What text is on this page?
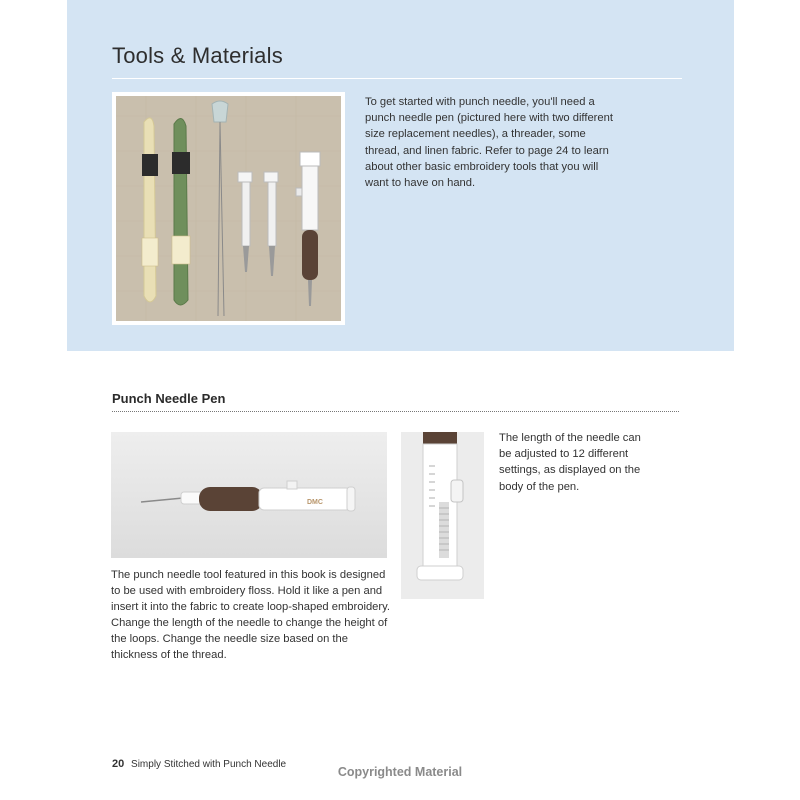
Tools & Materials
To get started with punch needle, you'll need a punch needle pen (pictured here with two different size replacement needles), a threader, some thread, and linen fabric. Refer to page 24 to learn about other basic embroidery tools that you will want to have on hand.
Punch Needle Pen
DMC
The punch needle tool featured in this book is designed to be used with embroidery floss. Hold it like a pen and insert it into the fabric to create loop-shaped embroidery. Change the length of the needle to change the height of the loops. Change the needle size based on the thickness of the thread.
The length of the needle can be adjusted to 12 different settings, as displayed on the body of the pen.
20 Simply Stitched with Punch Needle
Copyrighted Material
